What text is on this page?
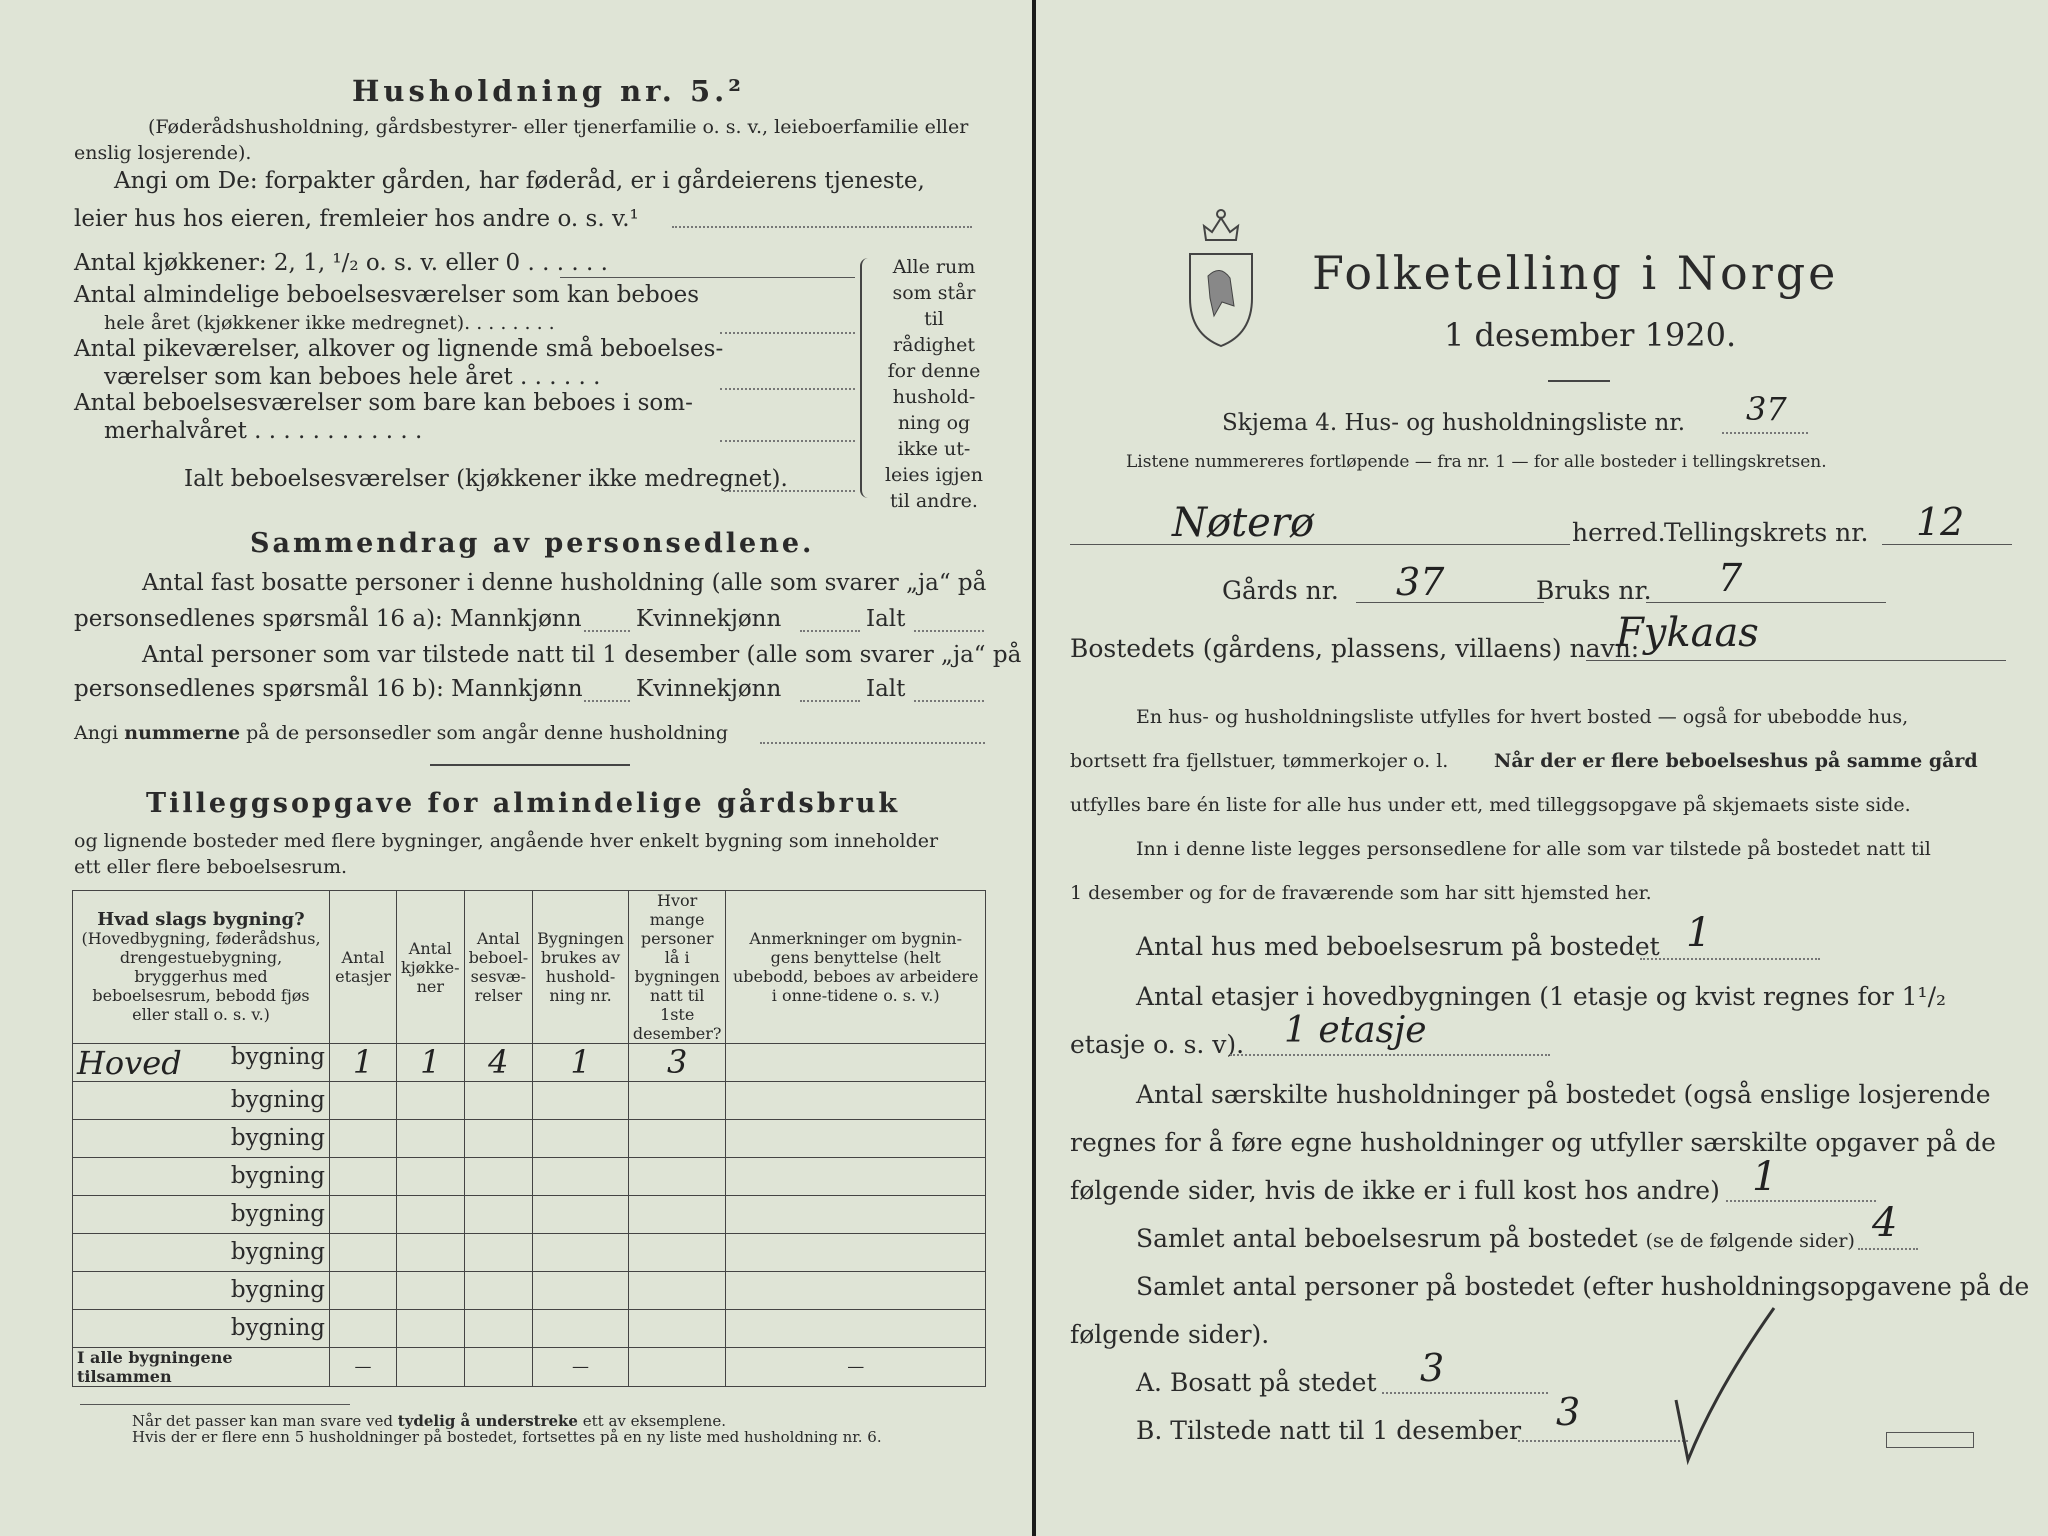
Husholdning nr. 5.²
(Føderådshusholdning, gårdsbestyrer- eller tjenerfamilie o. s. v., leieboerfamilie eller
enslig losjerende).
Angi om De: forpakter gården, har føderåd, er i gårdeierens tjeneste,
leier hus hos eieren, fremleier hos andre o. s. v.¹
Antal kjøkkener: 2, 1, ¹/₂ o. s. v. eller 0 . . . . . .
Antal almindelige beboelsesværelser som kan beboes
hele året (kjøkkener ikke medregnet). . . . . . . .
Antal pikeværelser, alkover og lignende små beboelses-
værelser som kan beboes hele året . . . . . .
Antal beboelsesværelser som bare kan beboes i som-
merhalvåret . . . . . . . . . . . .
Ialt beboelsesværelser (kjøkkener ikke medregnet).
Alle rum
som står til
rådighet
for denne
hushold-
ning og
ikke ut-
leies igjen
til andre.
Sammendrag av personsedlene.
Antal fast bosatte personer i denne husholdning (alle som svarer „ja“ på
personsedlenes spørsmål 16 a): Mannkjønn Kvinnekjønn	Ialt
Antal personer som var tilstede natt til 1 desember (alle som svarer „ja“ på
personsedlenes spørsmål 16 b): Mannkjønn Kvinnekjønn	Ialt
Angi nummerne på de personsedler som angår denne husholdning
Tilleggsopgave for almindelige gårdsbruk
og lignende bosteder med flere bygninger, angående hver enkelt bygning som inneholder
ett eller flere beboelsesrum.
Hvad slags bygning?
(Hovedbygning, føderådshus, drengestuebygning, bryggerhus med beboelsesrum, bebodd fjøs eller stall o. s. v.)	Antal etasjer	Antal kjøkke-ner	Antal beboel-sesvæ-relser	Bygningen brukes av hushold-ning nr.	Hvor mange personer lå i bygningen natt til 1ste desember?	Anmerkninger om bygnin-gens benyttelse (helt ubebodd, beboes av arbeidere i onne-tidene o. s. v.)

Hoved bygning	1	1	4	1	3	

bygning						

bygning						

bygning						

bygning						

bygning						

bygning						

bygning						
I alle bygningene tilsammen	—			—		—
Når det passer kan man svare ved tydelig å understreke ett av eksemplene.
Hvis der er flere enn 5 husholdninger på bostedet, fortsettes på en ny liste med husholdning nr. 6.
Folketelling i Norge
1 desember 1920.
Skjema 4. Hus- og husholdningsliste nr. 37
Listene nummereres fortløpende — fra nr. 1 — for alle bosteder i tellingskretsen.
Nøterø	herred.
Tellingskrets nr. 12
Gårds nr. 37	Bruks nr. 7
Bostedets (gårdens, plassens, villaens) navn:
Fykaas
En hus- og husholdningsliste utfylles for hvert bosted — også for ubebodde hus,
bortsett fra fjellstuer, tømmerkojer o. l. Når der er flere beboelseshus på samme gård
utfylles bare én liste for alle hus under ett, med tilleggsopgave på skjemaets siste side.
Inn i denne liste legges personsedlene for alle som var tilstede på bostedet natt til
1 desember og for de fraværende som har sitt hjemsted her.
Antal hus med beboelsesrum på bostedet 1
Antal etasjer i hovedbygningen (1 etasje og kvist regnes for 1¹/₂
etasje o. s. v). 1 etasje
Antal særskilte husholdninger på bostedet (også enslige losjerende
regnes for å føre egne husholdninger og utfyller særskilte opgaver på de
følgende sider, hvis de ikke er i full kost hos andre) 1
Samlet antal beboelsesrum på bostedet (se de følgende sider) 4
Samlet antal personer på bostedet (efter husholdningsopgavene på de
følgende sider).
A. Bosatt på stedet 3
B. Tilstede natt til 1 desember 3
